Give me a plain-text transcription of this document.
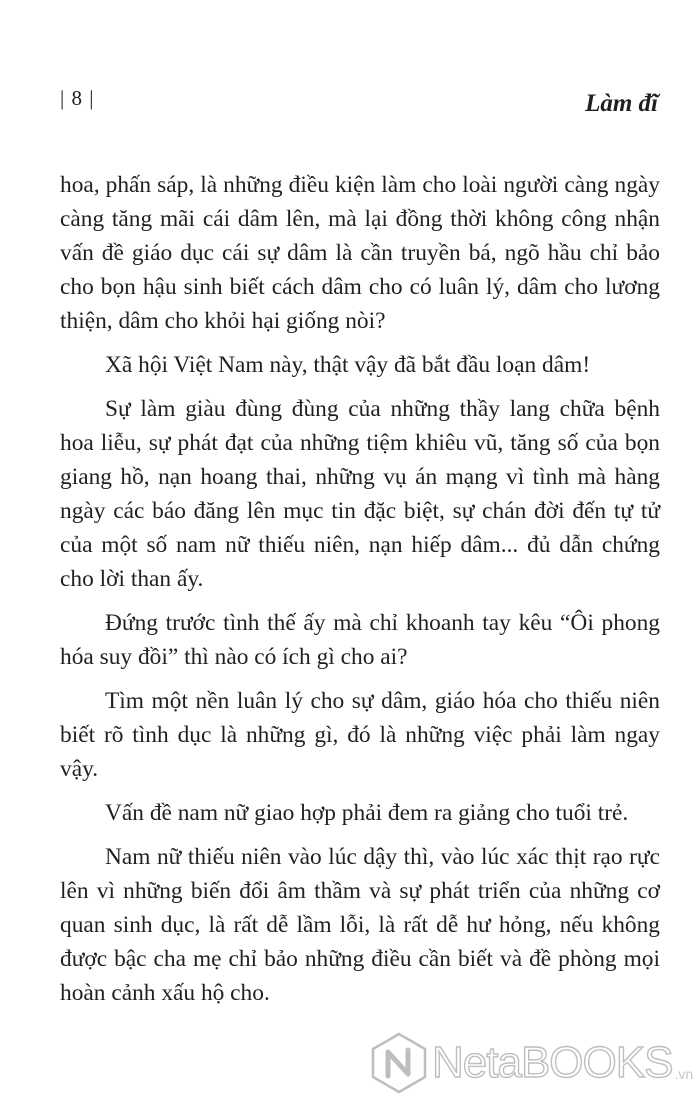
| 8 |	Làm đĩ

hoa, phấn sáp, là những điều kiện làm cho loài người càng ngày càng tăng mãi cái dâm lên, mà lại đồng thời không công nhận vấn đề giáo dục cái sự dâm là cần truyền bá, ngõ hầu chỉ bảo cho bọn hậu sinh biết cách dâm cho có luân lý, dâm cho lương thiện, dâm cho khỏi hại giống nòi?

Xã hội Việt Nam này, thật vậy đã bắt đầu loạn dâm!

Sự làm giàu đùng đùng của những thầy lang chữa bệnh hoa liễu, sự phát đạt của những tiệm khiêu vũ, tăng số của bọn giang hồ, nạn hoang thai, những vụ án mạng vì tình mà hàng ngày các báo đăng lên mục tin đặc biệt, sự chán đời đến tự tử của một số nam nữ thiếu niên, nạn hiếp dâm... đủ dẫn chứng cho lời than ấy.

Đứng trước tình thế ấy mà chỉ khoanh tay kêu “Ôi phong hóa suy đồi” thì nào có ích gì cho ai?

Tìm một nền luân lý cho sự dâm, giáo hóa cho thiếu niên biết rõ tình dục là những gì, đó là những việc phải làm ngay vậy.

Vấn đề nam nữ giao hợp phải đem ra giảng cho tuổi trẻ.

Nam nữ thiếu niên vào lúc dậy thì, vào lúc xác thịt rạo rực lên vì những biến đổi âm thầm và sự phát triển của những cơ quan sinh dục, là rất dễ lầm lỗi, là rất dễ hư hỏng, nếu không được bậc cha mẹ chỉ bảo những điều cần biết và đề phòng mọi hoàn cảnh xấu hộ cho.

NetaBOOKS .vn
